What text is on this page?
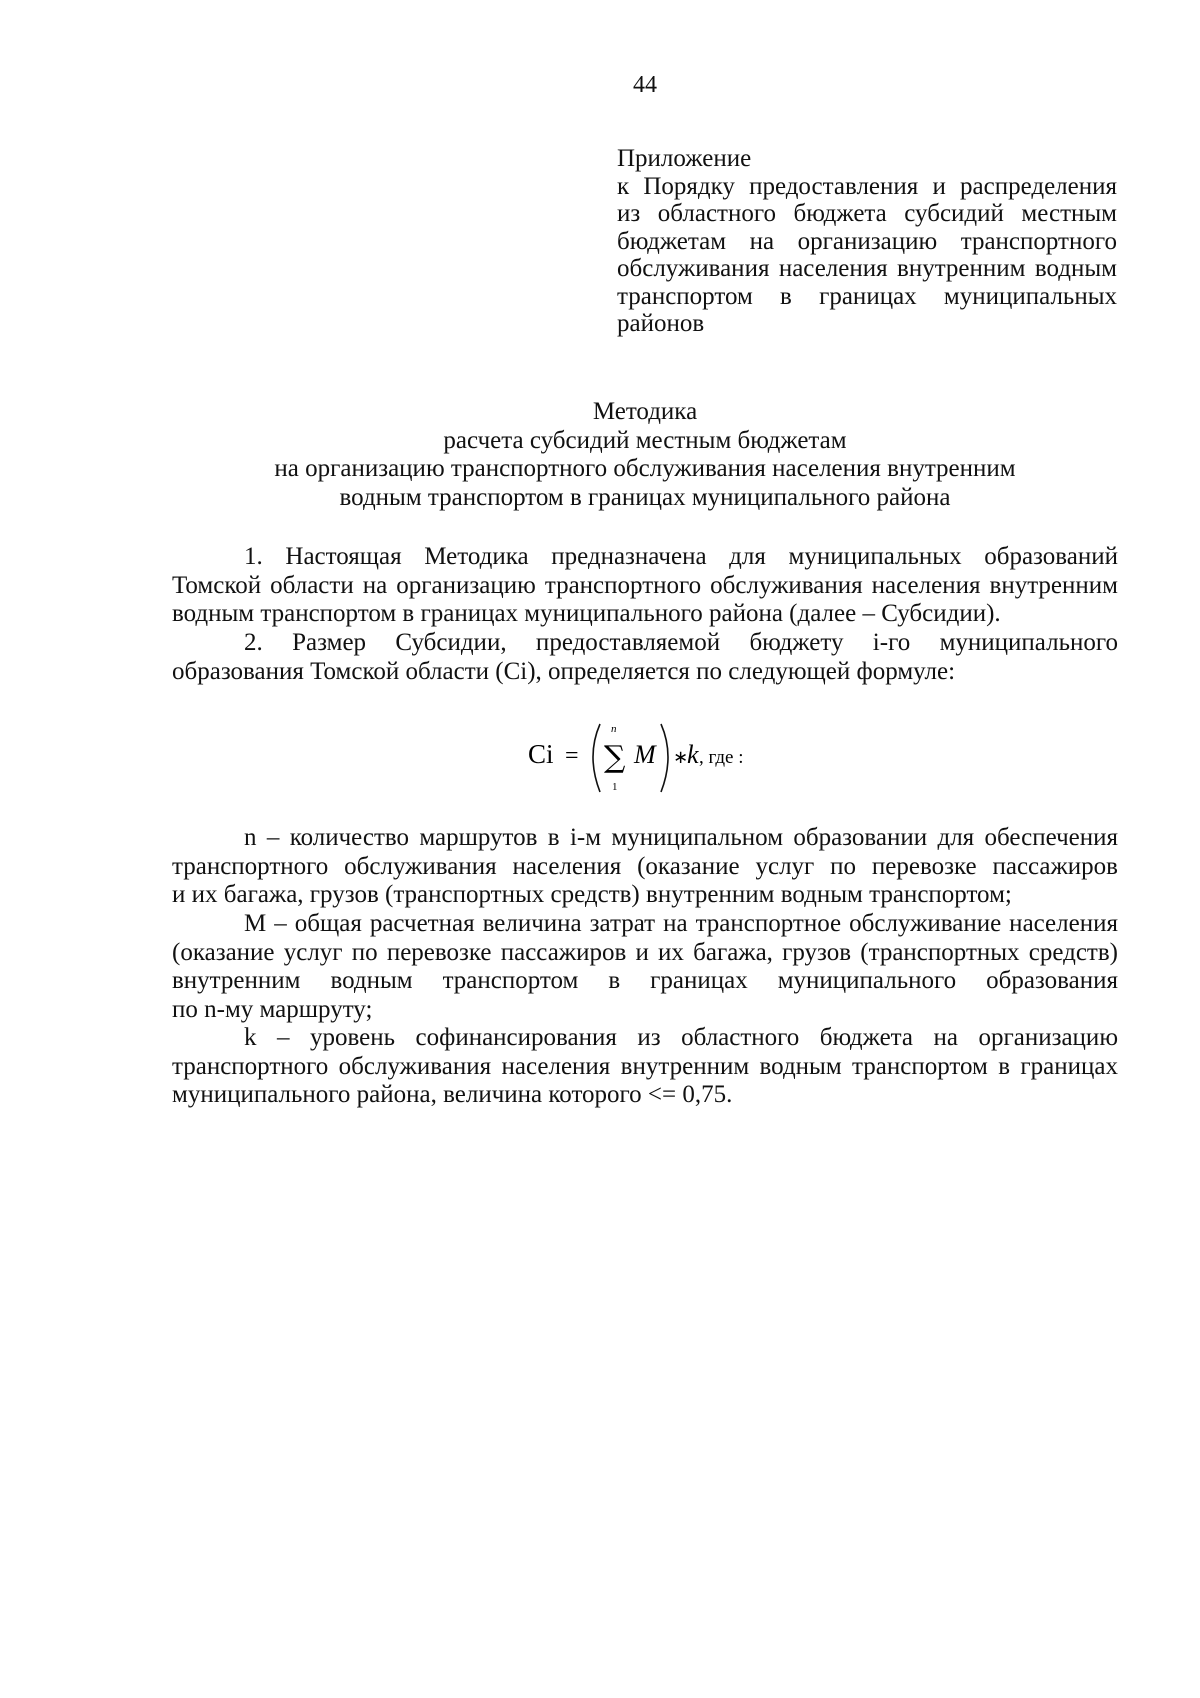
44
Приложение
к Порядку предоставления и распределения
из областного бюджета субсидий местным
бюджетам на организацию транспортного
обслуживания населения внутренним водным
транспортом в границах муниципальных
районов
Методика
расчета субсидий местным бюджетам
на организацию транспортного обслуживания населения внутренним
водным транспортом в границах муниципального района
1. Настоящая Методика предназначена для муниципальных образований
Томской области на организацию транспортного обслуживания населения внутренним
водным транспортом в границах муниципального района (далее – Субсидии).
2. Размер Субсидии, предоставляемой бюджету i-го муниципального
образования Томской области (Ci), определяется по следующей формуле:
Ci =
n
∑
1
M ∗
k , где :
n – количество маршрутов в i-м муниципальном образовании для обеспечения
транспортного обслуживания населения (оказание услуг по перевозке пассажиров
и их багажа, грузов (транспортных средств) внутренним водным транспортом;
М – общая расчетная величина затрат на транспортное обслуживание населения
(оказание услуг по перевозке пассажиров и их багажа, грузов (транспортных средств)
внутренним водным транспортом в границах муниципального образования
по n-му маршруту;
k – уровень софинансирования из областного бюджета на организацию
транспортного обслуживания населения внутренним водным транспортом в границах
муниципального района, величина которого <= 0,75.
